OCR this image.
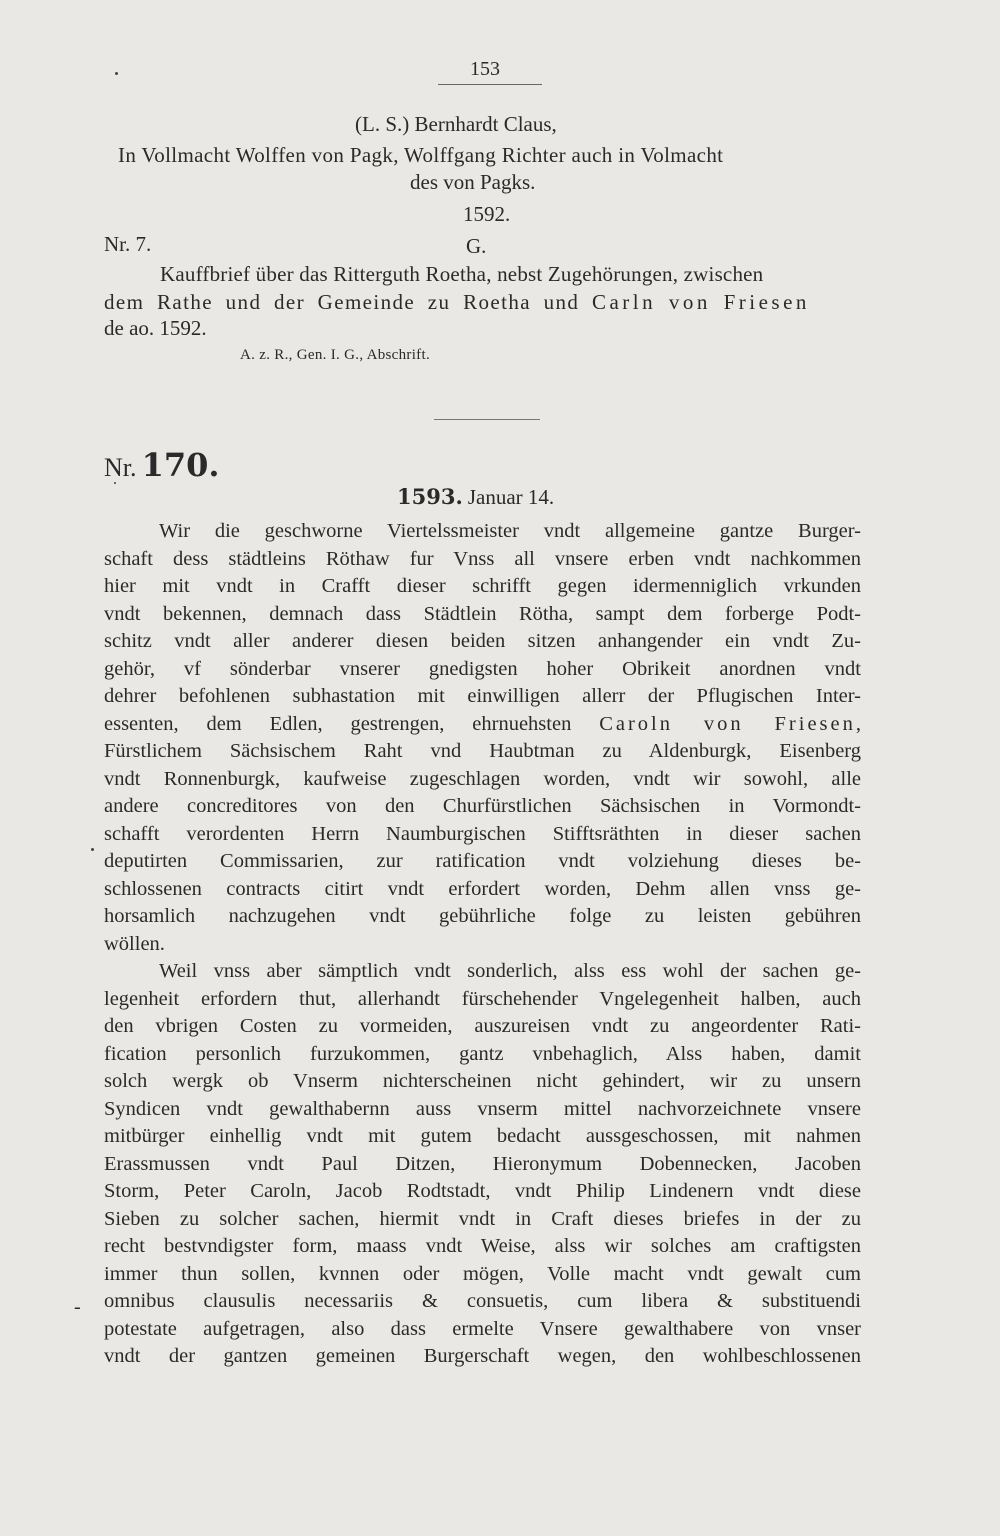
153
(L. S.) Bernhardt Claus,
In Vollmacht Wolffen von Pagk, Wolffgang Richter auch in Volmacht
des von Pagks.
1592.
Nr. 7.	G.
Kauffbrief über das Ritterguth Roetha, nebst Zugehörungen, zwischen
dem Rathe und der Gemeinde zu Roetha und Carln von Friesen
de ao. 1592.
A. z. R., Gen. I. G., Abschrift.
Nr. 170.
1593. Januar 14.
Wir die geschworne Viertelssmeister vndt allgemeine gantze Burger-
schaft dess städtleins Röthaw fur Vnss all vnsere erben vndt nachkommen
hier mit vndt in Crafft dieser schrifft gegen idermenniglich vrkunden
vndt bekennen, demnach dass Städtlein Rötha, sampt dem forberge Podt-
schitz vndt aller anderer diesen beiden sitzen anhangender ein vndt Zu-
gehör, vf sönderbar vnserer gnedigsten hoher Obrikeit anordnen vndt
dehrer befohlenen subhastation mit einwilligen allerr der Pflugischen Inter-
essenten, dem Edlen, gestrengen, ehrnuehsten Caroln von Friesen,
Fürstlichem Sächsischem Raht vnd Haubtman zu Aldenburgk, Eisenberg
vndt Ronnenburgk, kaufweise zugeschlagen worden, vndt wir sowohl, alle
andere concreditores von den Churfürstlichen Sächsischen in Vormondt-
schafft verordenten Herrn Naumburgischen Stifftsräthten in dieser sachen
deputirten Commissarien, zur ratification vndt volziehung dieses be-
schlossenen contracts citirt vndt erfordert worden, Dehm allen vnss ge-
horsamlich nachzugehen vndt gebührliche folge zu leisten gebühren
wöllen.
Weil vnss aber sämptlich vndt sonderlich, alss ess wohl der sachen ge-
legenheit erfordern thut, allerhandt fürschehender Vngelegenheit halben, auch
den vbrigen Costen zu vormeiden, auszureisen vndt zu angeordenter Rati-
fication personlich furzukommen, gantz vnbehaglich, Alss haben, damit
solch wergk ob Vnserm nichterscheinen nicht gehindert, wir zu unsern
Syndicen vndt gewalthabernn auss vnserm mittel nachvorzeichnete vnsere
mitbürger einhellig vndt mit gutem bedacht aussgeschossen, mit nahmen
Erassmussen vndt Paul Ditzen, Hieronymum Dobennecken, Jacoben
Storm, Peter Caroln, Jacob Rodtstadt, vndt Philip Lindenern vndt diese
Sieben zu solcher sachen, hiermit vndt in Craft dieses briefes in der zu
recht bestvndigster form, maass vndt Weise, alss wir solches am craftigsten
immer thun sollen, kvnnen oder mögen, Volle macht vndt gewalt cum
omnibus clausulis necessariis & consuetis, cum libera & substituendi
potestate aufgetragen, also dass ermelte Vnsere gewalthabere von vnser
vndt der gantzen gemeinen Burgerschaft wegen, den wohlbeschlossenen
-
